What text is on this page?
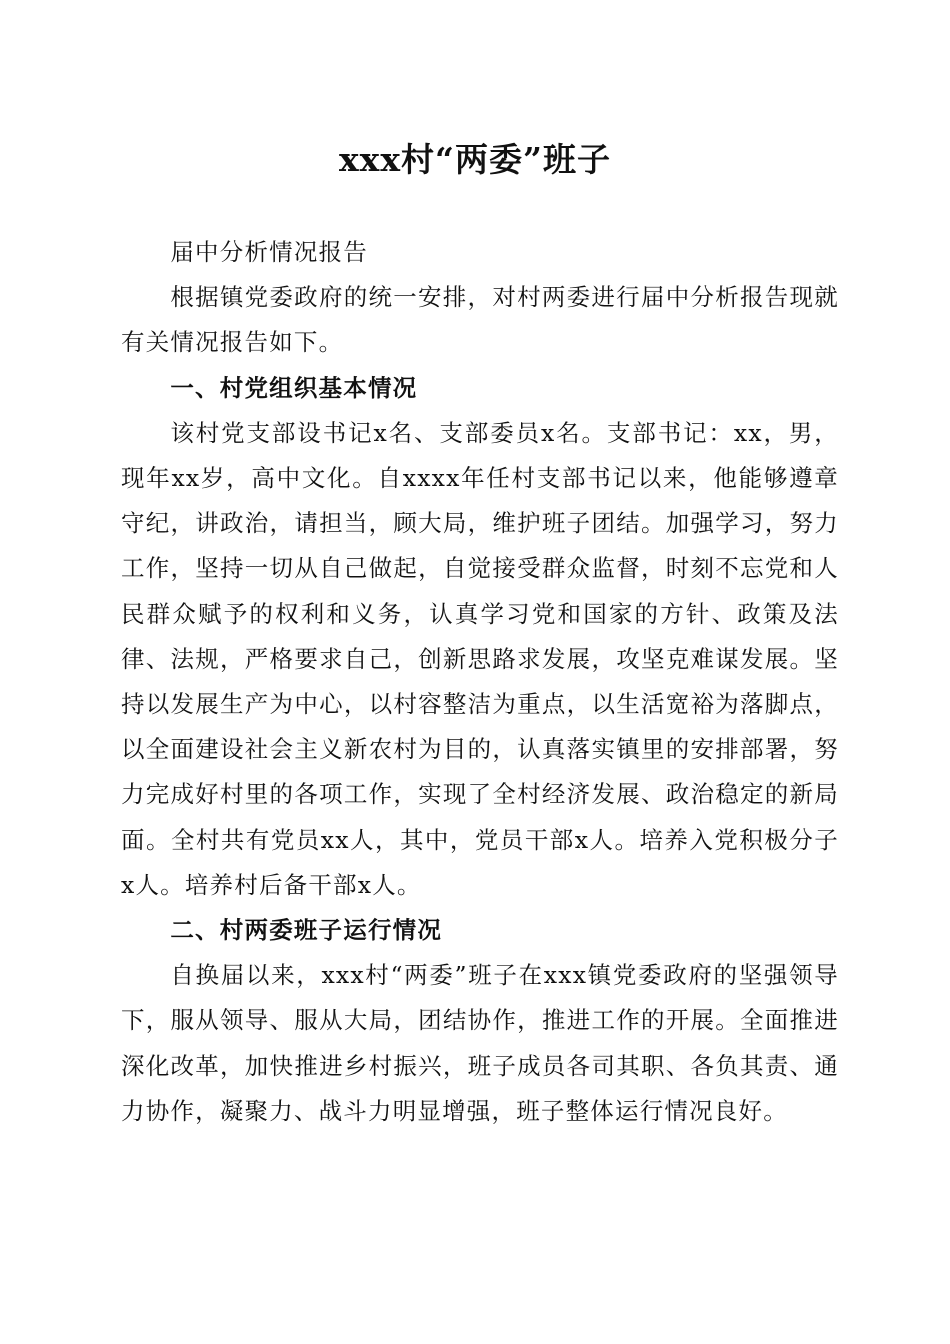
xxx村“两委”班子

届中分析情况报告

根据镇党委政府的统一安排，对村两委进行届中分析报告现就有关情况报告如下。

一、村党组织基本情况

该村党支部设书记x名、支部委员x名。支部书记：xx，男，现年xx岁，高中文化。自xxxx年任村支部书记以来，他能够遵章守纪，讲政治，请担当，顾大局，维护班子团结。加强学习，努力工作，坚持一切从自己做起，自觉接受群众监督，时刻不忘党和人民群众赋予的权利和义务，认真学习党和国家的方针、政策及法律、法规，严格要求自己，创新思路求发展，攻坚克难谋发展。坚持以发展生产为中心，以村容整洁为重点，以生活宽裕为落脚点，以全面建设社会主义新农村为目的，认真落实镇里的安排部署，努力完成好村里的各项工作，实现了全村经济发展、政治稳定的新局面。全村共有党员xx人，其中，党员干部x人。培养入党积极分子x人。培养村后备干部x人。

二、村两委班子运行情况

自换届以来，xxx村“两委”班子在xxx镇党委政府的坚强领导下，服从领导、服从大局，团结协作，推进工作的开展。全面推进深化改革，加快推进乡村振兴，班子成员各司其职、各负其责、通力协作，凝聚力、战斗力明显增强，班子整体运行情况良好。
